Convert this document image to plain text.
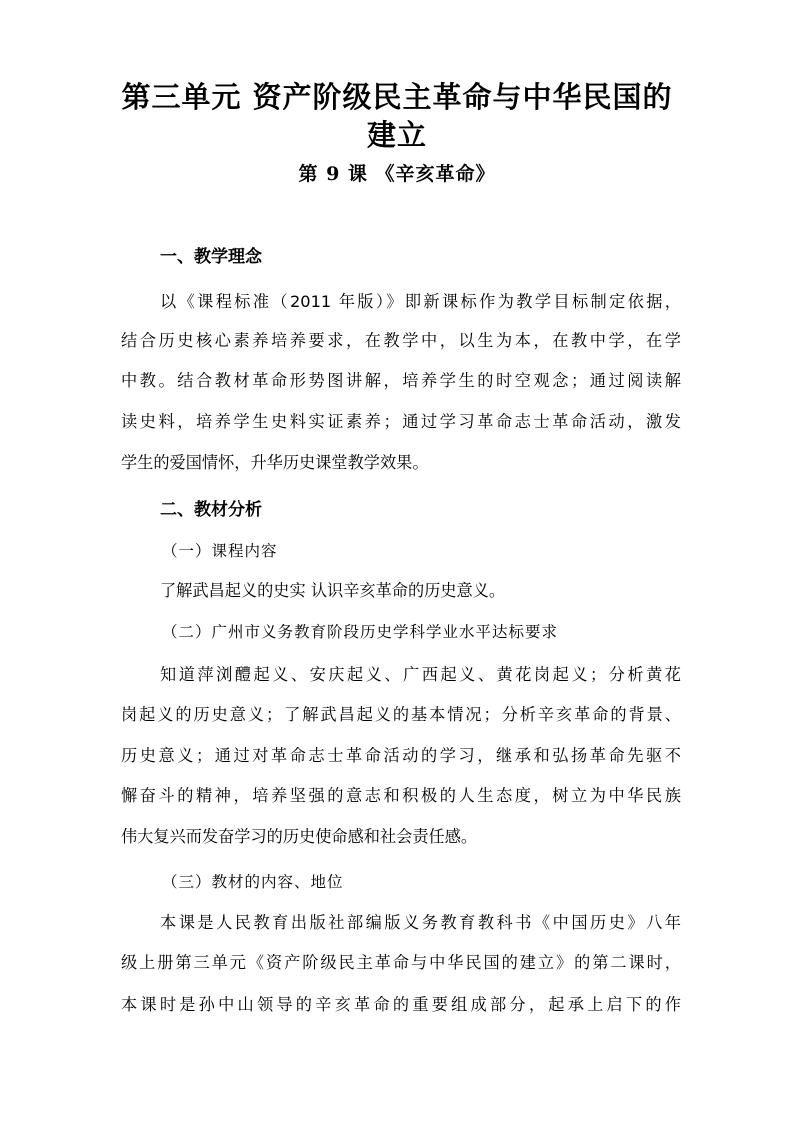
第三单元 资产阶级民主革命与中华民国的
建立
第 9 课 《辛亥革命》
一、教学理念
以《课程标准（2011 年版）》即新课标作为教学目标制定依据，
结合历史核心素养培养要求，在教学中，以生为本，在教中学，在学
中教。结合教材革命形势图讲解，培养学生的时空观念；通过阅读解
读史料，培养学生史料实证素养；通过学习革命志士革命活动，激发
学生的爱国情怀，升华历史课堂教学效果。
二、教材分析
（一）课程内容
了解武昌起义的史实 认识辛亥革命的历史意义。
（二）广州市义务教育阶段历史学科学业水平达标要求
知道萍浏醴起义、安庆起义、广西起义、黄花岗起义；分析黄花
岗起义的历史意义；了解武昌起义的基本情况；分析辛亥革命的背景、
历史意义；通过对革命志士革命活动的学习，继承和弘扬革命先驱不
懈奋斗的精神，培养坚强的意志和积极的人生态度，树立为中华民族
伟大复兴而发奋学习的历史使命感和社会责任感。
（三）教材的内容、地位
本课是人民教育出版社部编版义务教育教科书《中国历史》八年
级上册第三单元《资产阶级民主革命与中华民国的建立》的第二课时，
本课时是孙中山领导的辛亥革命的重要组成部分，起承上启下的作
